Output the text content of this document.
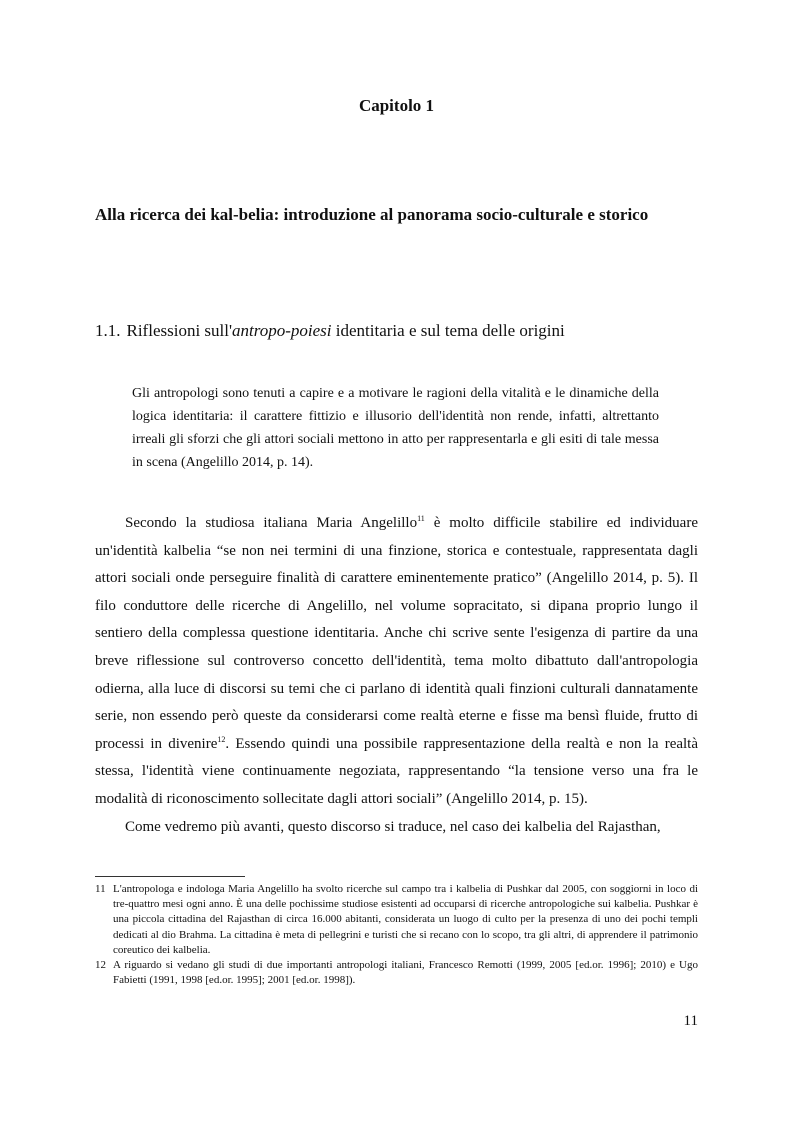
Capitolo 1
Alla ricerca dei kal-belia: introduzione al panorama socio-culturale e storico
1.1. Riflessioni sull'antropo-poiesi identitaria e sul tema delle origini
Gli antropologi sono tenuti a capire e a motivare le ragioni della vitalità e le dinamiche della logica identitaria: il carattere fittizio e illusorio dell'identità non rende, infatti, altrettanto irreali gli sforzi che gli attori sociali mettono in atto per rappresentarla e gli esiti di tale messa in scena (Angelillo 2014, p. 14).

Secondo la studiosa italiana Maria Angelillo$^{11}$ è molto difficile stabilire ed individuare un'identità kalbelia “se non nei termini di una finzione, storica e contestuale, rappresentata dagli attori sociali onde perseguire finalità di carattere eminentemente pratico” (Angelillo 2014, p. 5). Il filo conduttore delle ricerche di Angelillo, nel volume sopracitato, si dipana proprio lungo il sentiero della complessa questione identitaria. Anche chi scrive sente l'esigenza di partire da una breve riflessione sul controverso concetto dell'identità, tema molto dibattuto dall'antropologia odierna, alla luce di discorsi su temi che ci parlano di identità quali finzioni culturali dannatamente serie, non essendo però queste da considerarsi come realtà eterne e fisse ma bensì fluide, frutto di processi in divenire$^{12}$. Essendo quindi una possibile rappresentazione della realtà e non la realtà stessa, l'identità viene continuamente negoziata, rappresentando “la tensione verso una fra le modalità di riconoscimento sollecitate dagli attori sociali” (Angelillo 2014, p. 15).

Come vedremo più avanti, questo discorso si traduce, nel caso dei kalbelia del Rajasthan,

11 L'antropologa e indologa Maria Angelillo ha svolto ricerche sul campo tra i kalbelia di Pushkar dal 2005, con soggiorni in loco di tre-quattro mesi ogni anno. È una delle pochissime studiose esistenti ad occuparsi di ricerche antropologiche sui kalbelia. Pushkar è una piccola cittadina del Rajasthan di circa 16.000 abitanti, considerata un luogo di culto per la presenza di uno dei pochi templi dedicati al dio Brahma. La cittadina è meta di pellegrini e turisti che si recano con lo scopo, tra gli altri, di apprendere il patrimonio coreutico dei kalbelia.

12 A riguardo si vedano gli studi di due importanti antropologi italiani, Francesco Remotti (1999, 2005 [ed.or. 1996]; 2010) e Ugo Fabietti (1991, 1998 [ed.or. 1995]; 2001 [ed.or. 1998]).

11
